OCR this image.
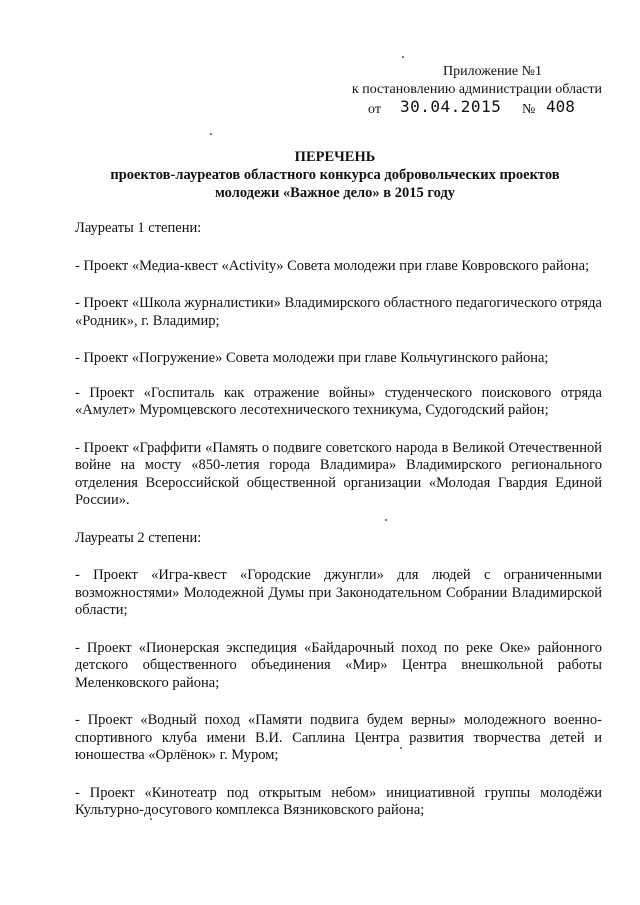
Приложение №1
к постановлению администрации области
от 30.04.2015 № 408
ПЕРЕЧЕНЬ
проектов-лауреатов областного конкурса добровольческих проектов
молодежи «Важное дело» в 2015 году

Лауреаты 1 степени:

- Проект «Медиа-квест «Activity» Совета молодежи при главе Ковровского района;

- Проект «Школа журналистики» Владимирского областного педагогического отряда «Родник», г. Владимир;

- Проект «Погружение» Совета молодежи при главе Кольчугинского района;

- Проект «Госпиталь как отражение войны» студенческого поискового отряда «Амулет» Муромцевского лесотехнического техникума, Судогодский район;

- Проект «Граффити «Память о подвиге советского народа в Великой Отечественной войне на мосту «850-летия города Владимира» Владимирского регионального отделения Всероссийской общественной организации «Молодая Гвардия Единой России».

Лауреаты 2 степени:

- Проект «Игра-квест «Городские джунгли» для людей с ограниченными возможностями» Молодежной Думы при Законодательном Собрании Владимирской области;

- Проект «Пионерская экспедиция «Байдарочный поход по реке Оке» районного детского общественного объединения «Мир» Центра внешкольной работы Меленковского района;

- Проект «Водный поход «Памяти подвига будем верны» молодежного военно-спортивного клуба имени В.И. Саплина Центра развития творчества детей и юношества «Орлёнок» г. Муром;

- Проект «Кинотеатр под открытым небом» инициативной группы молодёжи Культурно-досугового комплекса Вязниковского района;
